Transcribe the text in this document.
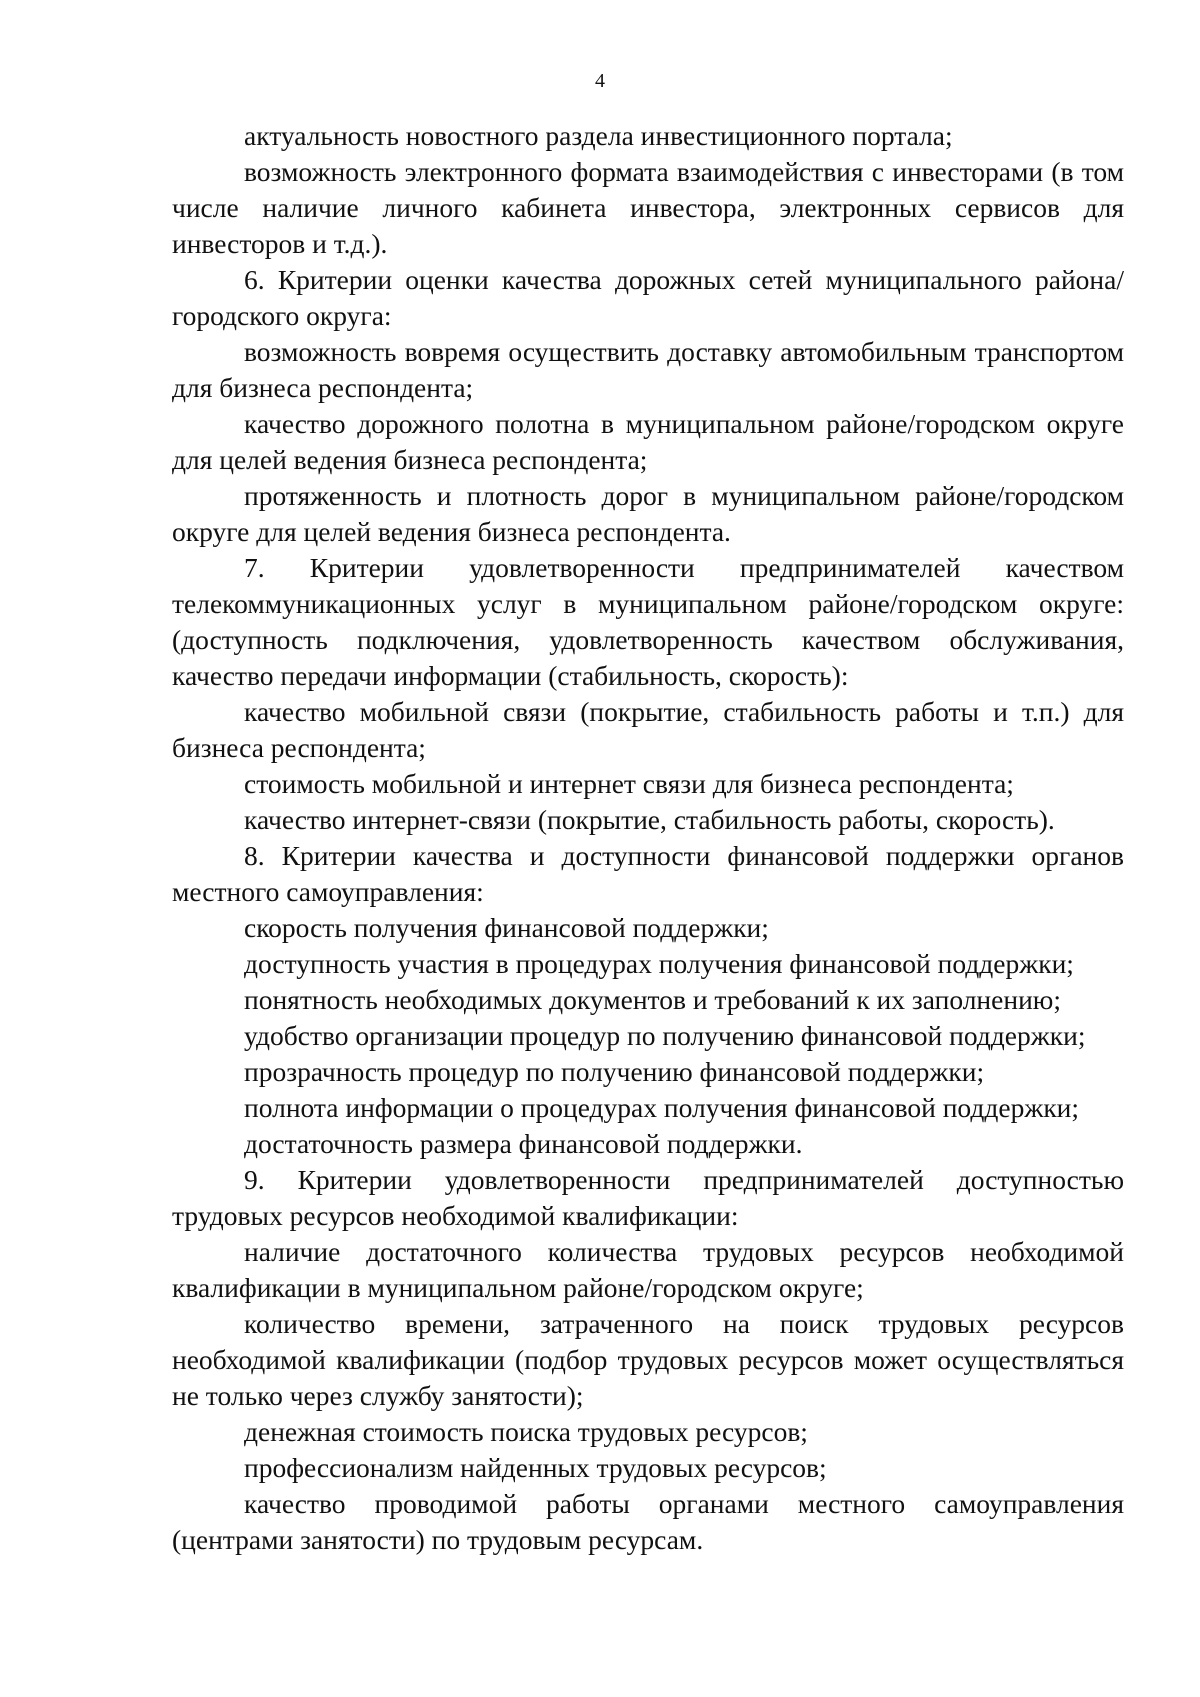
4

актуальность новостного раздела инвестиционного портала;

возможность электронного формата взаимодействия с инвесторами (в том числе наличие личного кабинета инвестора, электронных сервисов для инвесторов и т.д.).

6. Критерии оценки качества дорожных сетей муниципального района/городского округа:

возможность вовремя осуществить доставку автомобильным транспортом для бизнеса респондента;

качество дорожного полотна в муниципальном районе/городском округе для целей ведения бизнеса респондента;

протяженность и плотность дорог в муниципальном районе/городском округе для целей ведения бизнеса респондента.

7. Критерии удовлетворенности предпринимателей качеством телекоммуникационных услуг в муниципальном районе/городском округе: (доступность подключения, удовлетворенность качеством обслуживания, качество передачи информации (стабильность, скорость):

качество мобильной связи (покрытие, стабильность работы и т.п.) для бизнеса респондента;

стоимость мобильной и интернет связи для бизнеса респондента;

качество интернет-связи (покрытие, стабильность работы, скорость).

8. Критерии качества и доступности финансовой поддержки органов местного самоуправления:

скорость получения финансовой поддержки;

доступность участия в процедурах получения финансовой поддержки;

понятность необходимых документов и требований к их заполнению;

удобство организации процедур по получению финансовой поддержки;

прозрачность процедур по получению финансовой поддержки;

полнота информации о процедурах получения финансовой поддержки;

достаточность размера финансовой поддержки.

9. Критерии удовлетворенности предпринимателей доступностью трудовых ресурсов необходимой квалификации:

наличие достаточного количества трудовых ресурсов необходимой квалификации в муниципальном районе/городском округе;

количество времени, затраченного на поиск трудовых ресурсов необходимой квалификации (подбор трудовых ресурсов может осуществляться не только через службу занятости);

денежная стоимость поиска трудовых ресурсов;

профессионализм найденных трудовых ресурсов;

качество проводимой работы органами местного самоуправления (центрами занятости) по трудовым ресурсам.
